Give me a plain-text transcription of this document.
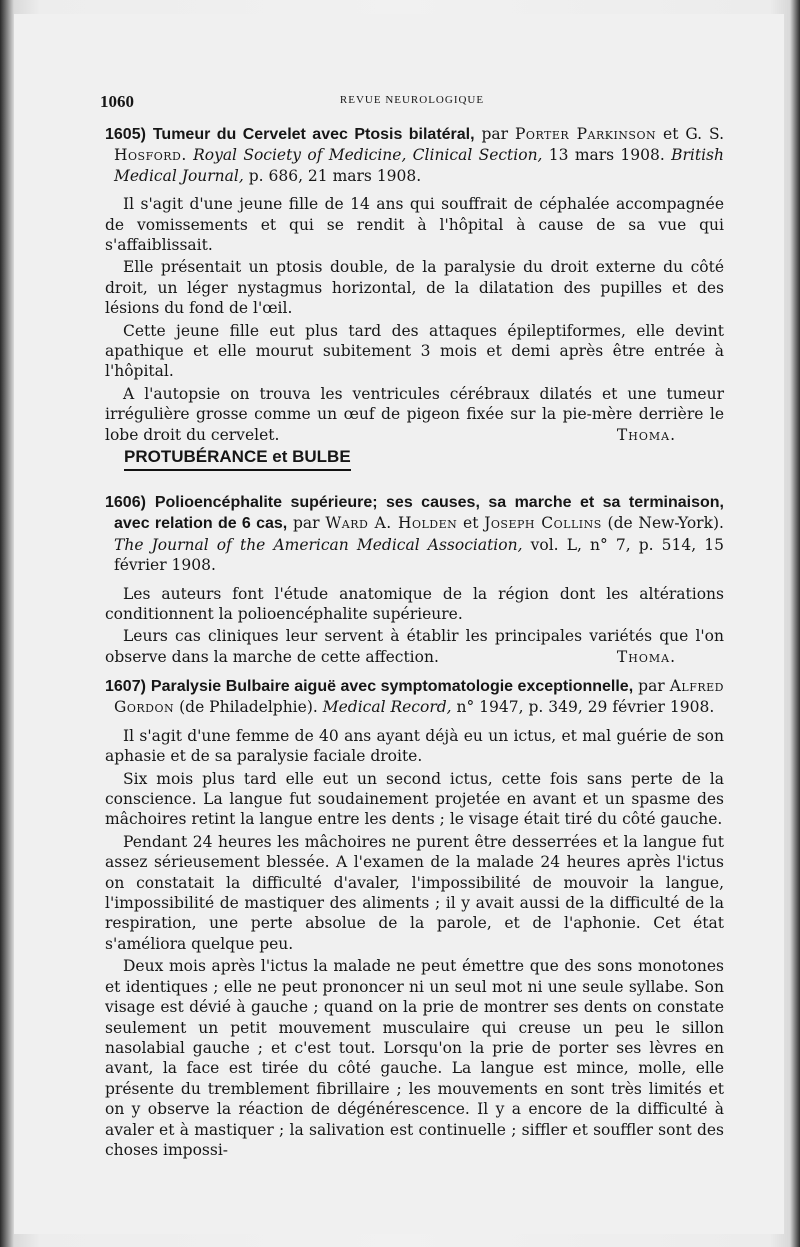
1060	REVUE NEUROLOGIQUE

1605) Tumeur du Cervelet avec Ptosis bilatéral, par Porter Parkinson et G. S. Hosford. Royal Society of Medicine, Clinical Section, 13 mars 1908. British Medical Journal, p. 686, 21 mars 1908.

Il s'agit d'une jeune fille de 14 ans qui souffrait de céphalée accompagnée de vomissements et qui se rendit à l'hôpital à cause de sa vue qui s'affaiblissait.

Elle présentait un ptosis double, de la paralysie du droit externe du côté droit, un léger nystagmus horizontal, de la dilatation des pupilles et des lésions du fond de l'œil.

Cette jeune fille eut plus tard des attaques épileptiformes, elle devint apathique et elle mourut subitement 3 mois et demi après être entrée à l'hôpital.

A l'autopsie on trouva les ventricules cérébraux dilatés et une tumeur irrégulière grosse comme un œuf de pigeon fixée sur la pie-mère derrière le lobe droit du cervelet.	Thoma.

PROTUBÉRANCE et BULBE

1606) Polioencéphalite supérieure; ses causes, sa marche et sa terminaison, avec relation de 6 cas, par Ward A. Holden et Joseph Collins (de New-York). The Journal of the American Medical Association, vol. L, n° 7, p. 514, 15 février 1908.

Les auteurs font l'étude anatomique de la région dont les altérations conditionnent la polioencéphalite supérieure.

Leurs cas cliniques leur servent à établir les principales variétés que l'on observe dans la marche de cette affection.	Thoma.

1607) Paralysie Bulbaire aiguë avec symptomatologie exceptionnelle, par Alfred Gordon (de Philadelphie). Medical Record, n° 1947, p. 349, 29 février 1908.

Il s'agit d'une femme de 40 ans ayant déjà eu un ictus, et mal guérie de son aphasie et de sa paralysie faciale droite.

Six mois plus tard elle eut un second ictus, cette fois sans perte de la conscience. La langue fut soudainement projetée en avant et un spasme des mâchoires retint la langue entre les dents ; le visage était tiré du côté gauche.

Pendant 24 heures les mâchoires ne purent être desserrées et la langue fut assez sérieusement blessée. A l'examen de la malade 24 heures après l'ictus on constatait la difficulté d'avaler, l'impossibilité de mouvoir la langue, l'impossibilité de mastiquer des aliments ; il y avait aussi de la difficulté de la respiration, une perte absolue de la parole, et de l'aphonie. Cet état s'améliora quelque peu.

Deux mois après l'ictus la malade ne peut émettre que des sons monotones et identiques ; elle ne peut prononcer ni un seul mot ni une seule syllabe. Son visage est dévié à gauche ; quand on la prie de montrer ses dents on constate seulement un petit mouvement musculaire qui creuse un peu le sillon nasolabial gauche ; et c'est tout. Lorsqu'on la prie de porter ses lèvres en avant, la face est tirée du côté gauche. La langue est mince, molle, elle présente du tremblement fibrillaire ; les mouvements en sont très limités et on y observe la réaction de dégénérescence. Il y a encore de la difficulté à avaler et à mastiquer ; la salivation est continuelle ; siffler et souffler sont des choses impossi-
